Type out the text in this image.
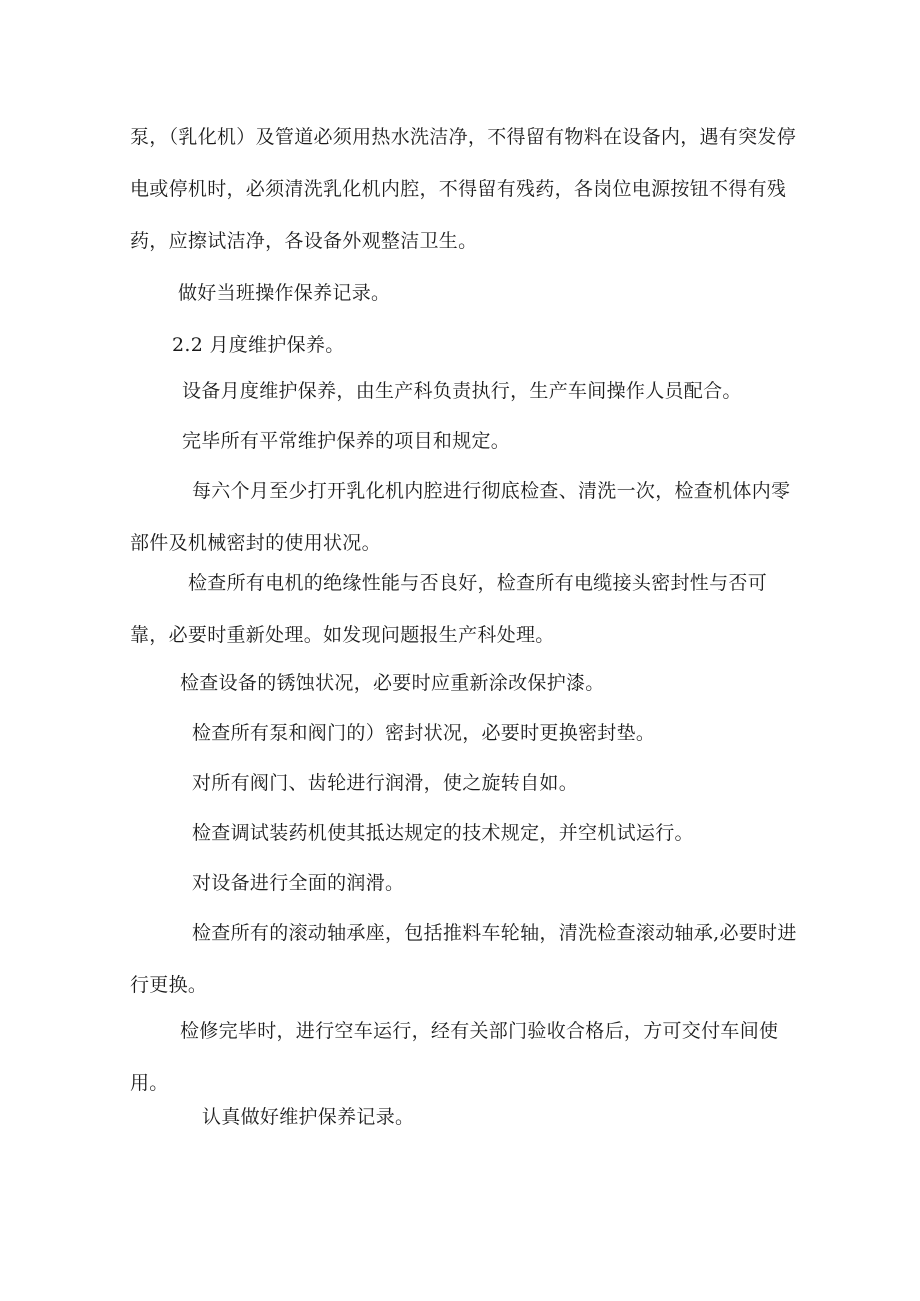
泵，（乳化机）及管道必须用热水洗洁净，不得留有物料在设备内，遇有突发停电或停机时，必须清洗乳化机内腔，不得留有残药，各岗位电源按钮不得有残药，应擦试洁净，各设备外观整洁卫生。

做好当班操作保养记录。

2.2 月度维护保养。

设备月度维护保养，由生产科负责执行，生产车间操作人员配合。

完毕所有平常维护保养的项目和规定。

每六个月至少打开乳化机内腔进行彻底检查、清洗一次，检查机体内零部件及机械密封的使用状况。

检查所有电机的绝缘性能与否良好，检查所有电缆接头密封性与否可靠，必要时重新处理。如发现问题报生产科处理。

检查设备的锈蚀状况，必要时应重新涂改保护漆。

检查所有泵和阀门的）密封状况，必要时更换密封垫。

对所有阀门、齿轮进行润滑，使之旋转自如。

检查调试装药机使其抵达规定的技术规定，并空机试运行。

对设备进行全面的润滑。

检查所有的滚动轴承座，包括推料车轮轴，清洗检查滚动轴承,必要时进行更换。

检修完毕时，进行空车运行，经有关部门验收合格后，方可交付车间使用。

认真做好维护保养记录。
